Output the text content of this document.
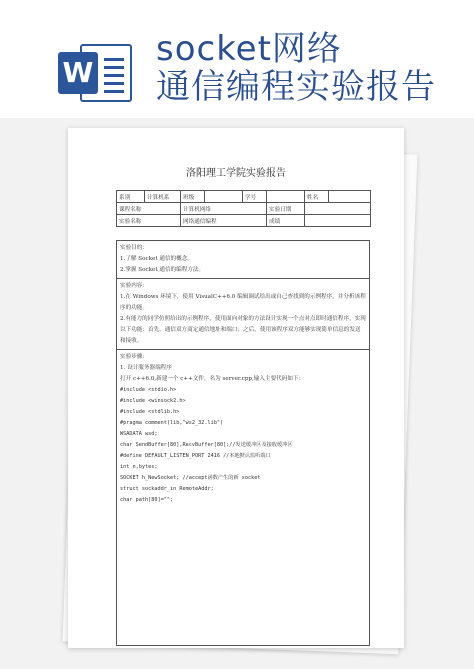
W
socket网络
通信编程实验报告
洛阳理工学院实验报告
系别	计算机系	班级		学号		姓名	
课程名称		计算机网络			实验日期		
实验名称		网络通信编程			成绩		
实验目的：
1.了解 Socket 通信的概念。
2.掌握 Socket 通信的编程方法。
实验内容：
1.在 Windows 环境下，使用 VisualC++6.0 编辑调试给出或自己查找到的示例程序，并分析该程序的功能。
2.有能力的同学仿照给出的示例程序，使用面向对象的方法设计实现一个点对点即时通信程序，实现以下功能：首先，通信双方商定通信地址和端口；之后，使用该程序双方能够实现简单信息的发送和接收。
实验步骤：
1. 设计服务器端程序
打开 c++6.0,新建一个 c++文件，名为 server.cpp,输入主要代码如下：
#include <stdio.h>
#include <winsock2.h>
#include <stdlib.h>
#pragma comment(lib,"ws2_32.lib")
WSADATA wsd;
char SendBuffer[80],RecvBuffer[80];//发送缓冲区及接收缓冲区
#define DEFAULT_LISTEN_PORT 2416 //本地默认监听端口
int n,bytes;
SOCKET h_NewSocket; //accept函数产生的新 socket
struct sockaddr_in RemoteAddr;
char path[80]="";
